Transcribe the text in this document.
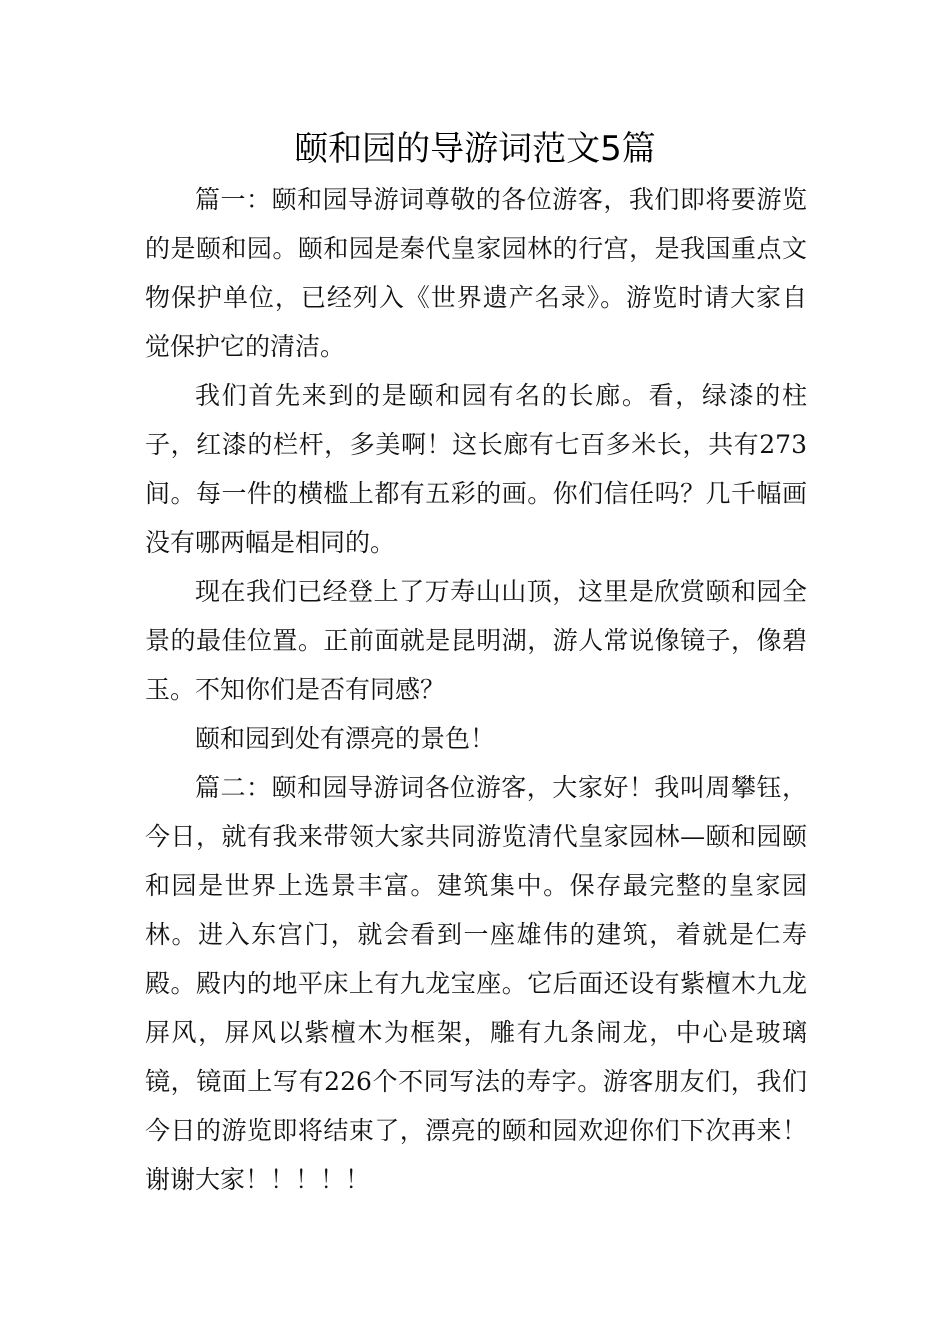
颐和园的导游词范文5篇

篇一：颐和园导游词尊敬的各位游客，我们即将要游览的是颐和园。颐和园是秦代皇家园林的行宫，是我国重点文物保护单位，已经列入《世界遗产名录》。游览时请大家自觉保护它的清洁。

我们首先来到的是颐和园有名的长廊。看，绿漆的柱子，红漆的栏杆，多美啊！这长廊有七百多米长，共有273间。每一件的横槛上都有五彩的画。你们信任吗？几千幅画没有哪两幅是相同的。

现在我们已经登上了万寿山山顶，这里是欣赏颐和园全景的最佳位置。正前面就是昆明湖，游人常说像镜子，像碧玉。不知你们是否有同感？

颐和园到处有漂亮的景色！

篇二：颐和园导游词各位游客，大家好！我叫周攀钰，今日，就有我来带领大家共同游览清代皇家园林—颐和园颐和园是世界上选景丰富。建筑集中。保存最完整的皇家园林。进入东宫门，就会看到一座雄伟的建筑，着就是仁寿殿。殿内的地平床上有九龙宝座。它后面还设有紫檀木九龙屏风，屏风以紫檀木为框架，雕有九条闹龙，中心是玻璃镜，镜面上写有226个不同写法的寿字。游客朋友们，我们今日的游览即将结束了，漂亮的颐和园欢迎你们下次再来！谢谢大家！！！！！
